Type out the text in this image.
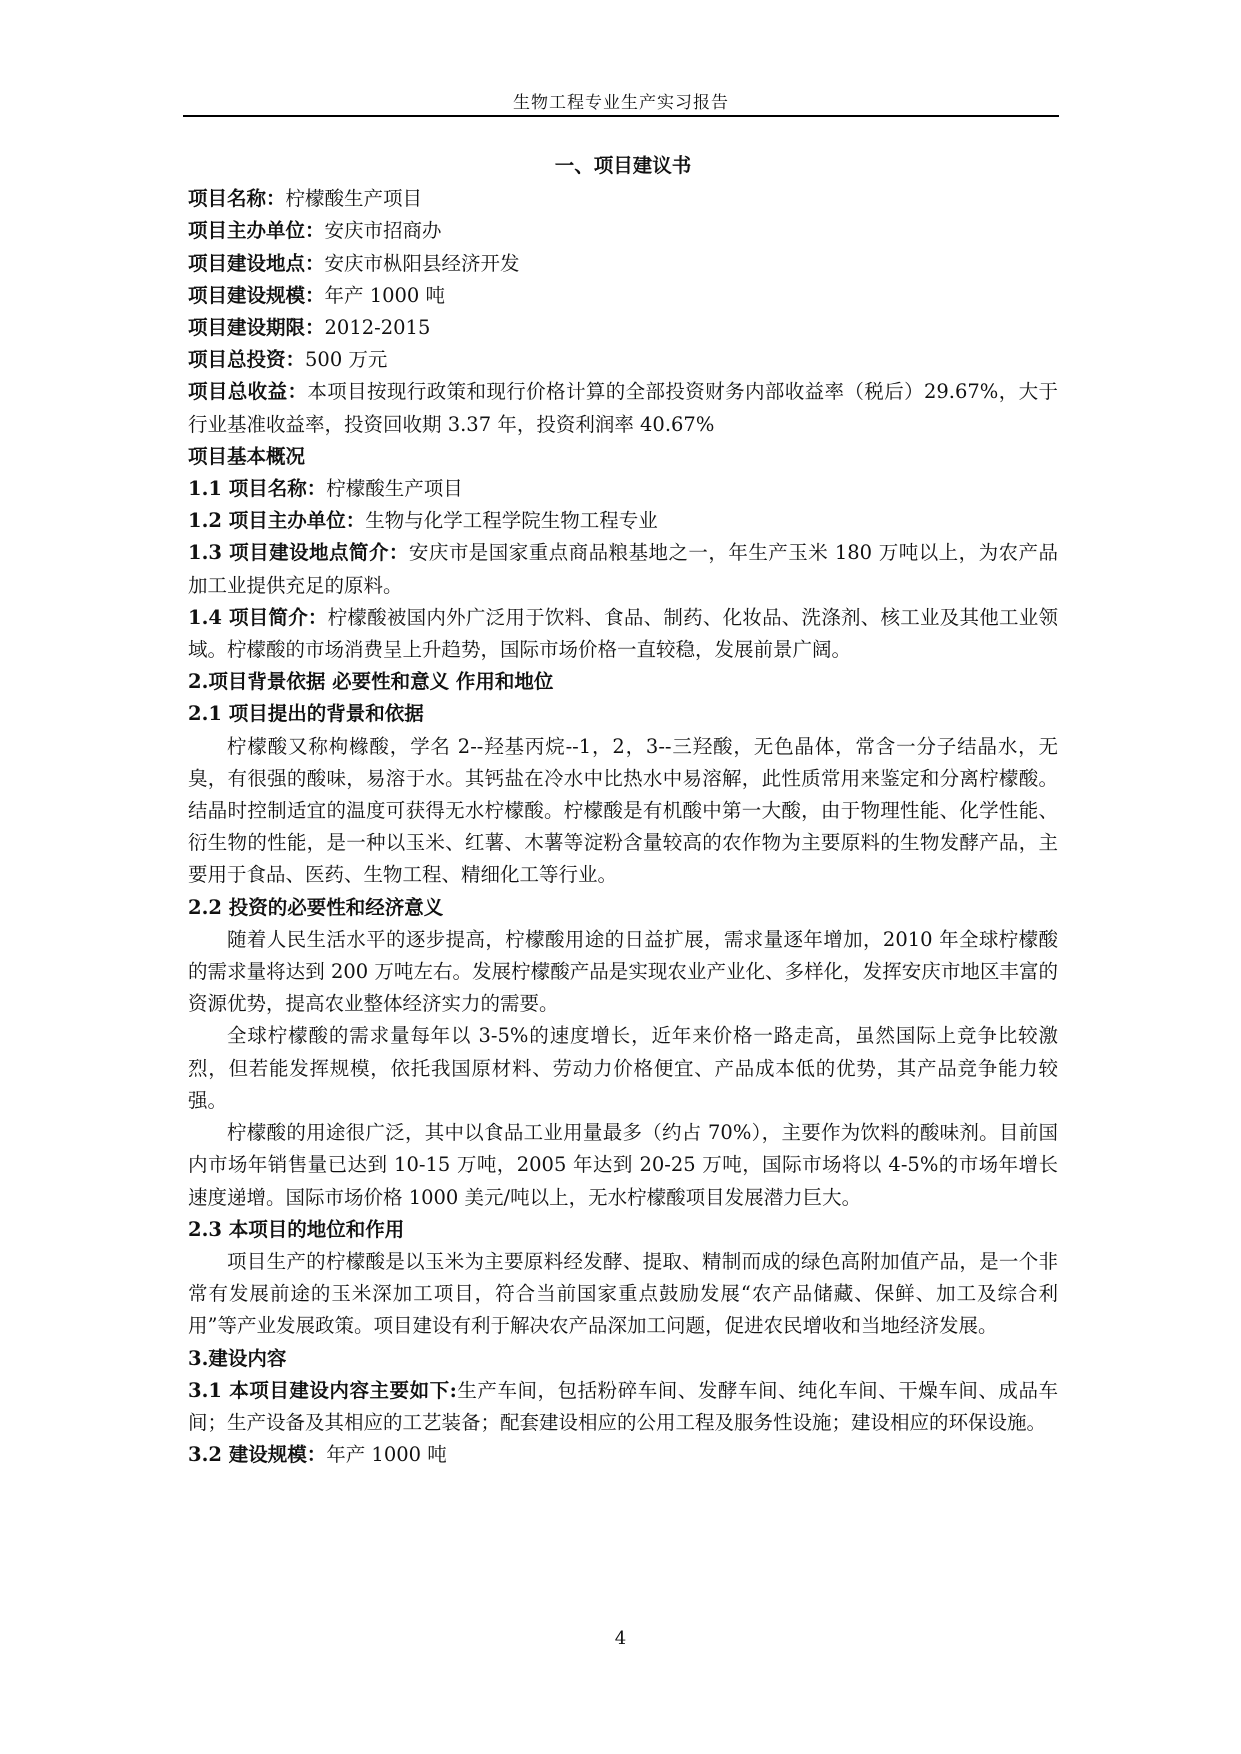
生物工程专业生产实习报告
一、项目建议书
项目名称：柠檬酸生产项目
项目主办单位：安庆市招商办
项目建设地点：安庆市枞阳县经济开发
项目建设规模：年产 1000 吨
项目建设期限：2012-2015
项目总投资：500 万元
项目总收益：本项目按现行政策和现行价格计算的全部投资财务内部收益率（税后）29.67%，大于行业基准收益率，投资回收期 3.37 年，投资利润率 40.67%
项目基本概况
1.1 项目名称：柠檬酸生产项目
1.2 项目主办单位：生物与化学工程学院生物工程专业
1.3 项目建设地点简介：安庆市是国家重点商品粮基地之一，年生产玉米 180 万吨以上，为农产品加工业提供充足的原料。
1.4 项目简介：柠檬酸被国内外广泛用于饮料、食品、制药、化妆品、洗涤剂、核工业及其他工业领域。柠檬酸的市场消费呈上升趋势，国际市场价格一直较稳，发展前景广阔。
2.项目背景依据 必要性和意义 作用和地位
2.1 项目提出的背景和依据
柠檬酸又称枸橼酸，学名 2--羟基丙烷--1，2，3--三羟酸，无色晶体，常含一分子结晶水，无臭，有很强的酸味，易溶于水。其钙盐在冷水中比热水中易溶解，此性质常用来鉴定和分离柠檬酸。结晶时控制适宜的温度可获得无水柠檬酸。柠檬酸是有机酸中第一大酸，由于物理性能、化学性能、衍生物的性能，是一种以玉米、红薯、木薯等淀粉含量较高的农作物为主要原料的生物发酵产品，主要用于食品、医药、生物工程、精细化工等行业。
2.2 投资的必要性和经济意义
随着人民生活水平的逐步提高，柠檬酸用途的日益扩展，需求量逐年增加，2010 年全球柠檬酸的需求量将达到 200 万吨左右。发展柠檬酸产品是实现农业产业化、多样化，发挥安庆市地区丰富的资源优势，提高农业整体经济实力的需要。
全球柠檬酸的需求量每年以 3-5%的速度增长，近年来价格一路走高，虽然国际上竞争比较激烈，但若能发挥规模，依托我国原材料、劳动力价格便宜、产品成本低的优势，其产品竞争能力较强。
柠檬酸的用途很广泛，其中以食品工业用量最多（约占 70%），主要作为饮料的酸味剂。目前国内市场年销售量已达到 10-15 万吨，2005 年达到 20-25 万吨，国际市场将以 4-5%的市场年增长速度递增。国际市场价格 1000 美元/吨以上，无水柠檬酸项目发展潜力巨大。
2.3 本项目的地位和作用
项目生产的柠檬酸是以玉米为主要原料经发酵、提取、精制而成的绿色高附加值产品，是一个非常有发展前途的玉米深加工项目，符合当前国家重点鼓励发展“农产品储藏、保鲜、加工及综合利用”等产业发展政策。项目建设有利于解决农产品深加工问题，促进农民增收和当地经济发展。
3.建设内容
3.1 本项目建设内容主要如下:生产车间，包括粉碎车间、发酵车间、纯化车间、干燥车间、成品车间；生产设备及其相应的工艺装备；配套建设相应的公用工程及服务性设施；建设相应的环保设施。
3.2 建设规模：年产 1000 吨
4
